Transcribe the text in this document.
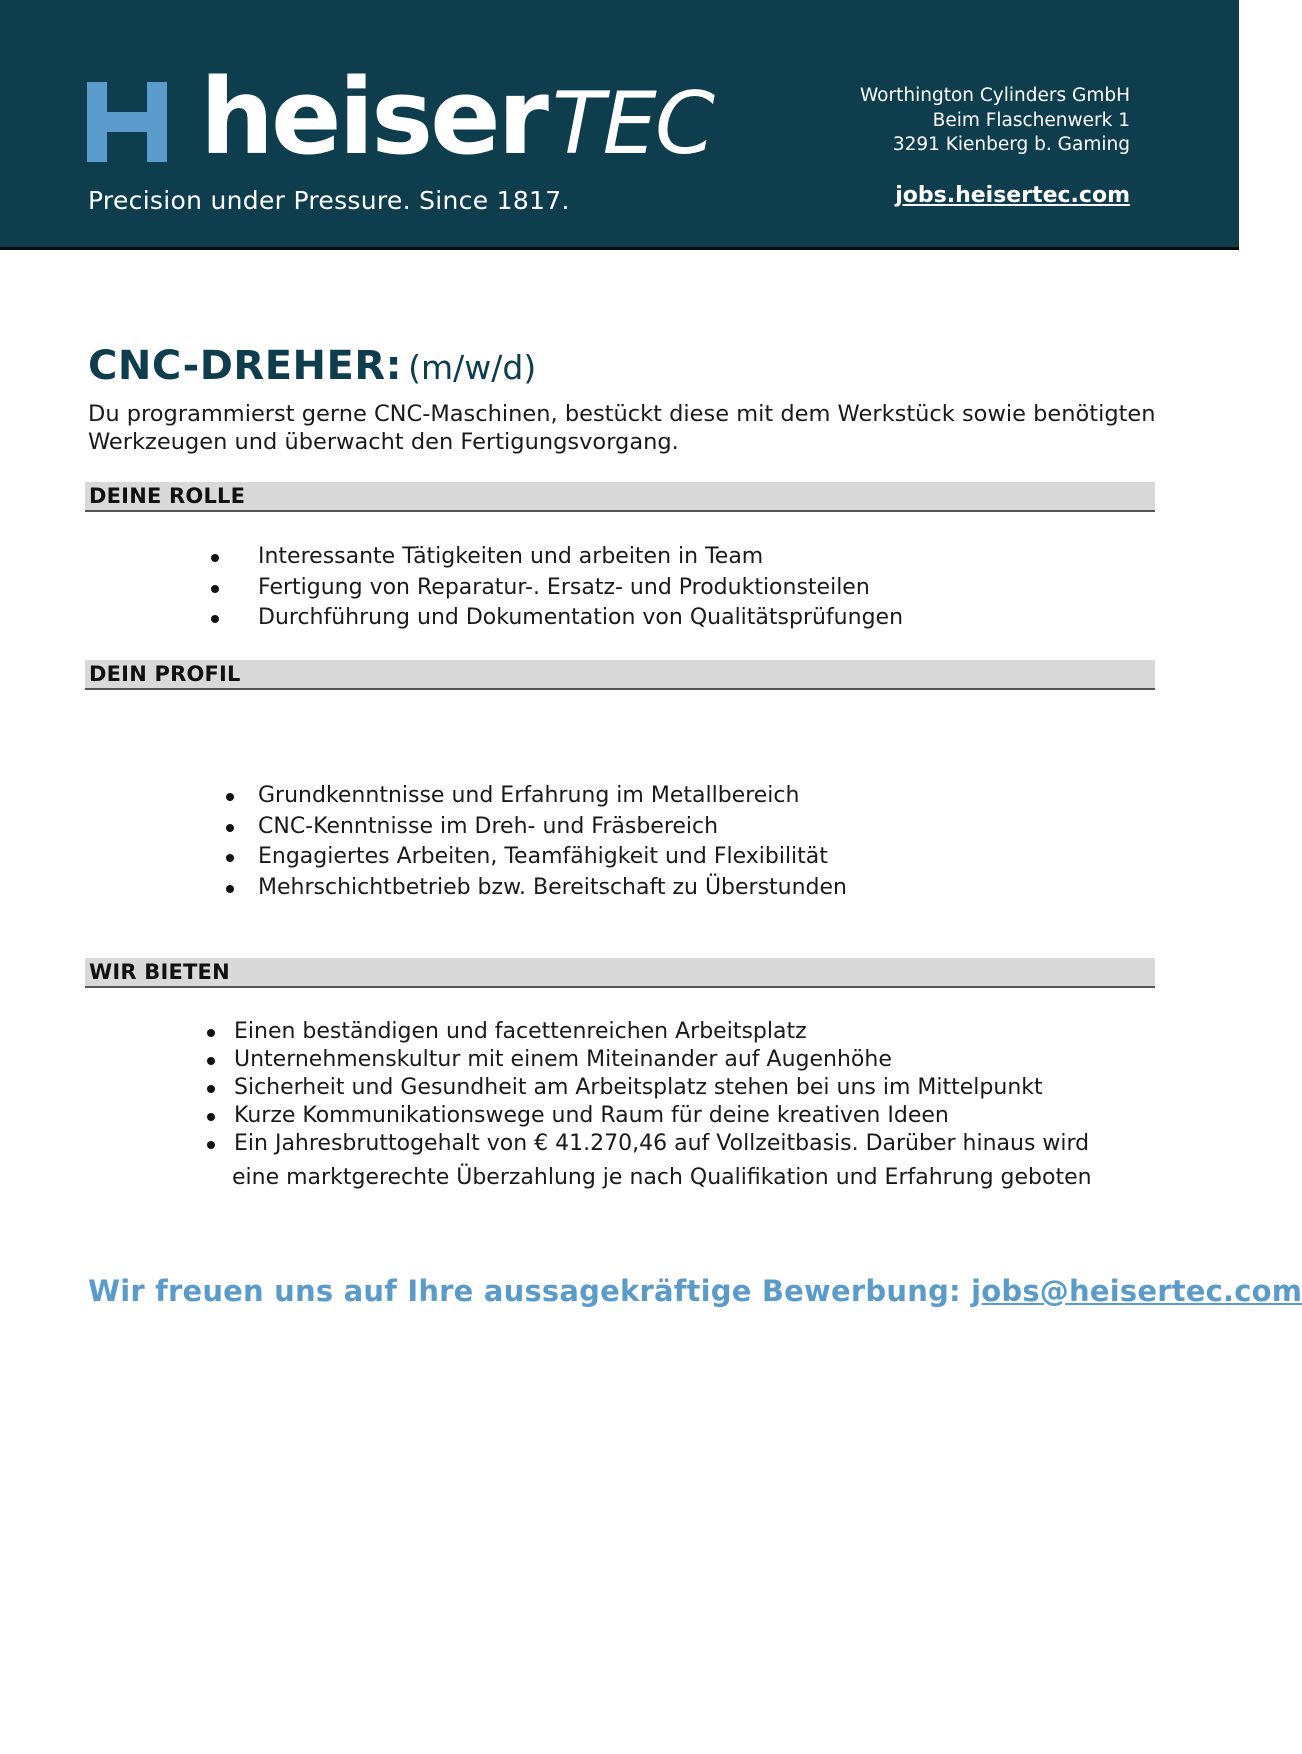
heiserTEC
Precision under Pressure. Since 1817.
Worthington Cylinders GmbH
Beim Flaschenwerk 1
3291 Kienberg b. Gaming
jobs.heisertec.com
CNC-DREHER: (m/w/d)
Du programmierst gerne CNC-Maschinen, bestückt diese mit dem Werkstück sowie benötigten Werkzeugen und überwacht den Fertigungsvorgang.
DEINE ROLLE
Interessante Tätigkeiten und arbeiten in Team
Fertigung von Reparatur-. Ersatz- und Produktionsteilen
Durchführung und Dokumentation von Qualitätsprüfungen
DEIN PROFIL
Grundkenntnisse und Erfahrung im Metallbereich
CNC-Kenntnisse im Dreh- und Fräsbereich
Engagiertes Arbeiten, Teamfähigkeit und Flexibilität
Mehrschichtbetrieb bzw. Bereitschaft zu Überstunden
WIR BIETEN
Einen beständigen und facettenreichen Arbeitsplatz
Unternehmenskultur mit einem Miteinander auf Augenhöhe
Sicherheit und Gesundheit am Arbeitsplatz stehen bei uns im Mittelpunkt
Kurze Kommunikationswege und Raum für deine kreativen Ideen
Ein Jahresbruttogehalt von € 41.270,46 auf Vollzeitbasis. Darüber hinaus wird
eine marktgerechte Überzahlung je nach Qualifikation und Erfahrung geboten
Wir freuen uns auf Ihre aussagekräftige Bewerbung: jobs@heisertec.com
